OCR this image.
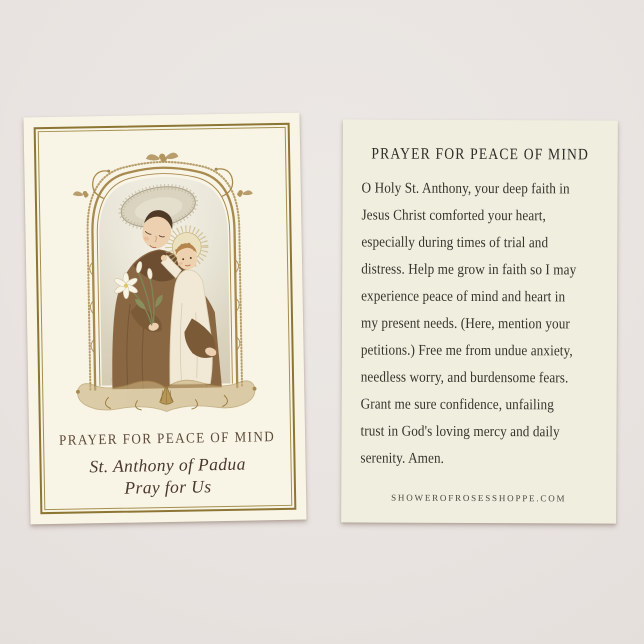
PRAYER FOR PEACE OF MIND
St. Anthony of Padua
Pray for Us
PRAYER FOR PEACE OF MIND
O Holy St. Anthony, your deep faith in
Jesus Christ comforted your heart,
especially during times of trial and
distress. Help me grow in faith so I may
experience peace of mind and heart in
my present needs. (Here, mention your
petitions.) Free me from undue anxiety,
needless worry, and burdensome fears.
Grant me sure confidence, unfailing
trust in God's loving mercy and daily
serenity. Amen.
SHOWEROFROSESSHOPPE.COM
